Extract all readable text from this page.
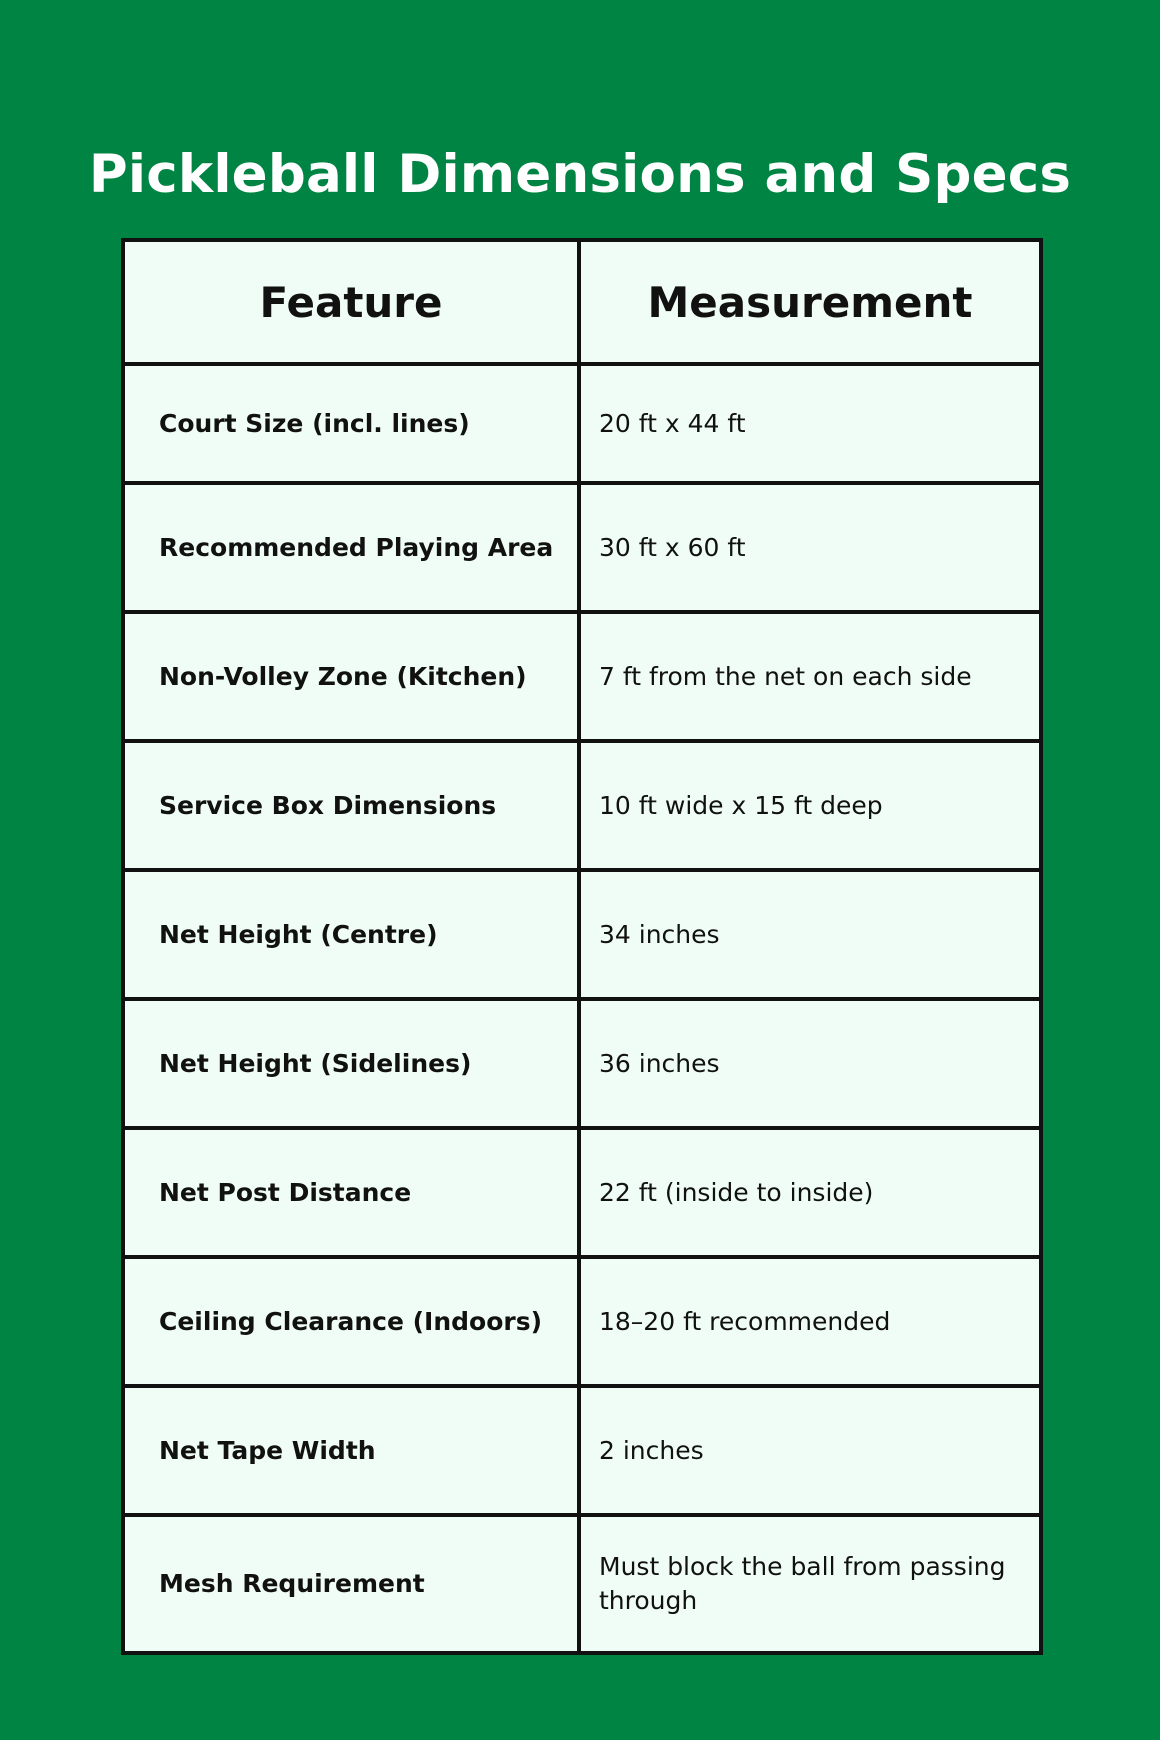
Pickleball Dimensions and Specs
Feature	Measurement
Court Size (incl. lines)	20 ft x 44 ft
Recommended Playing Area	30 ft x 60 ft
Non-Volley Zone (Kitchen)	7 ft from the net on each side
Service Box Dimensions	10 ft wide x 15 ft deep
Net Height (Centre)	34 inches
Net Height (Sidelines)	36 inches
Net Post Distance	22 ft (inside to inside)
Ceiling Clearance (Indoors)	18–20 ft recommended
Net Tape Width	2 inches
Mesh Requirement	Must block the ball from passing through
